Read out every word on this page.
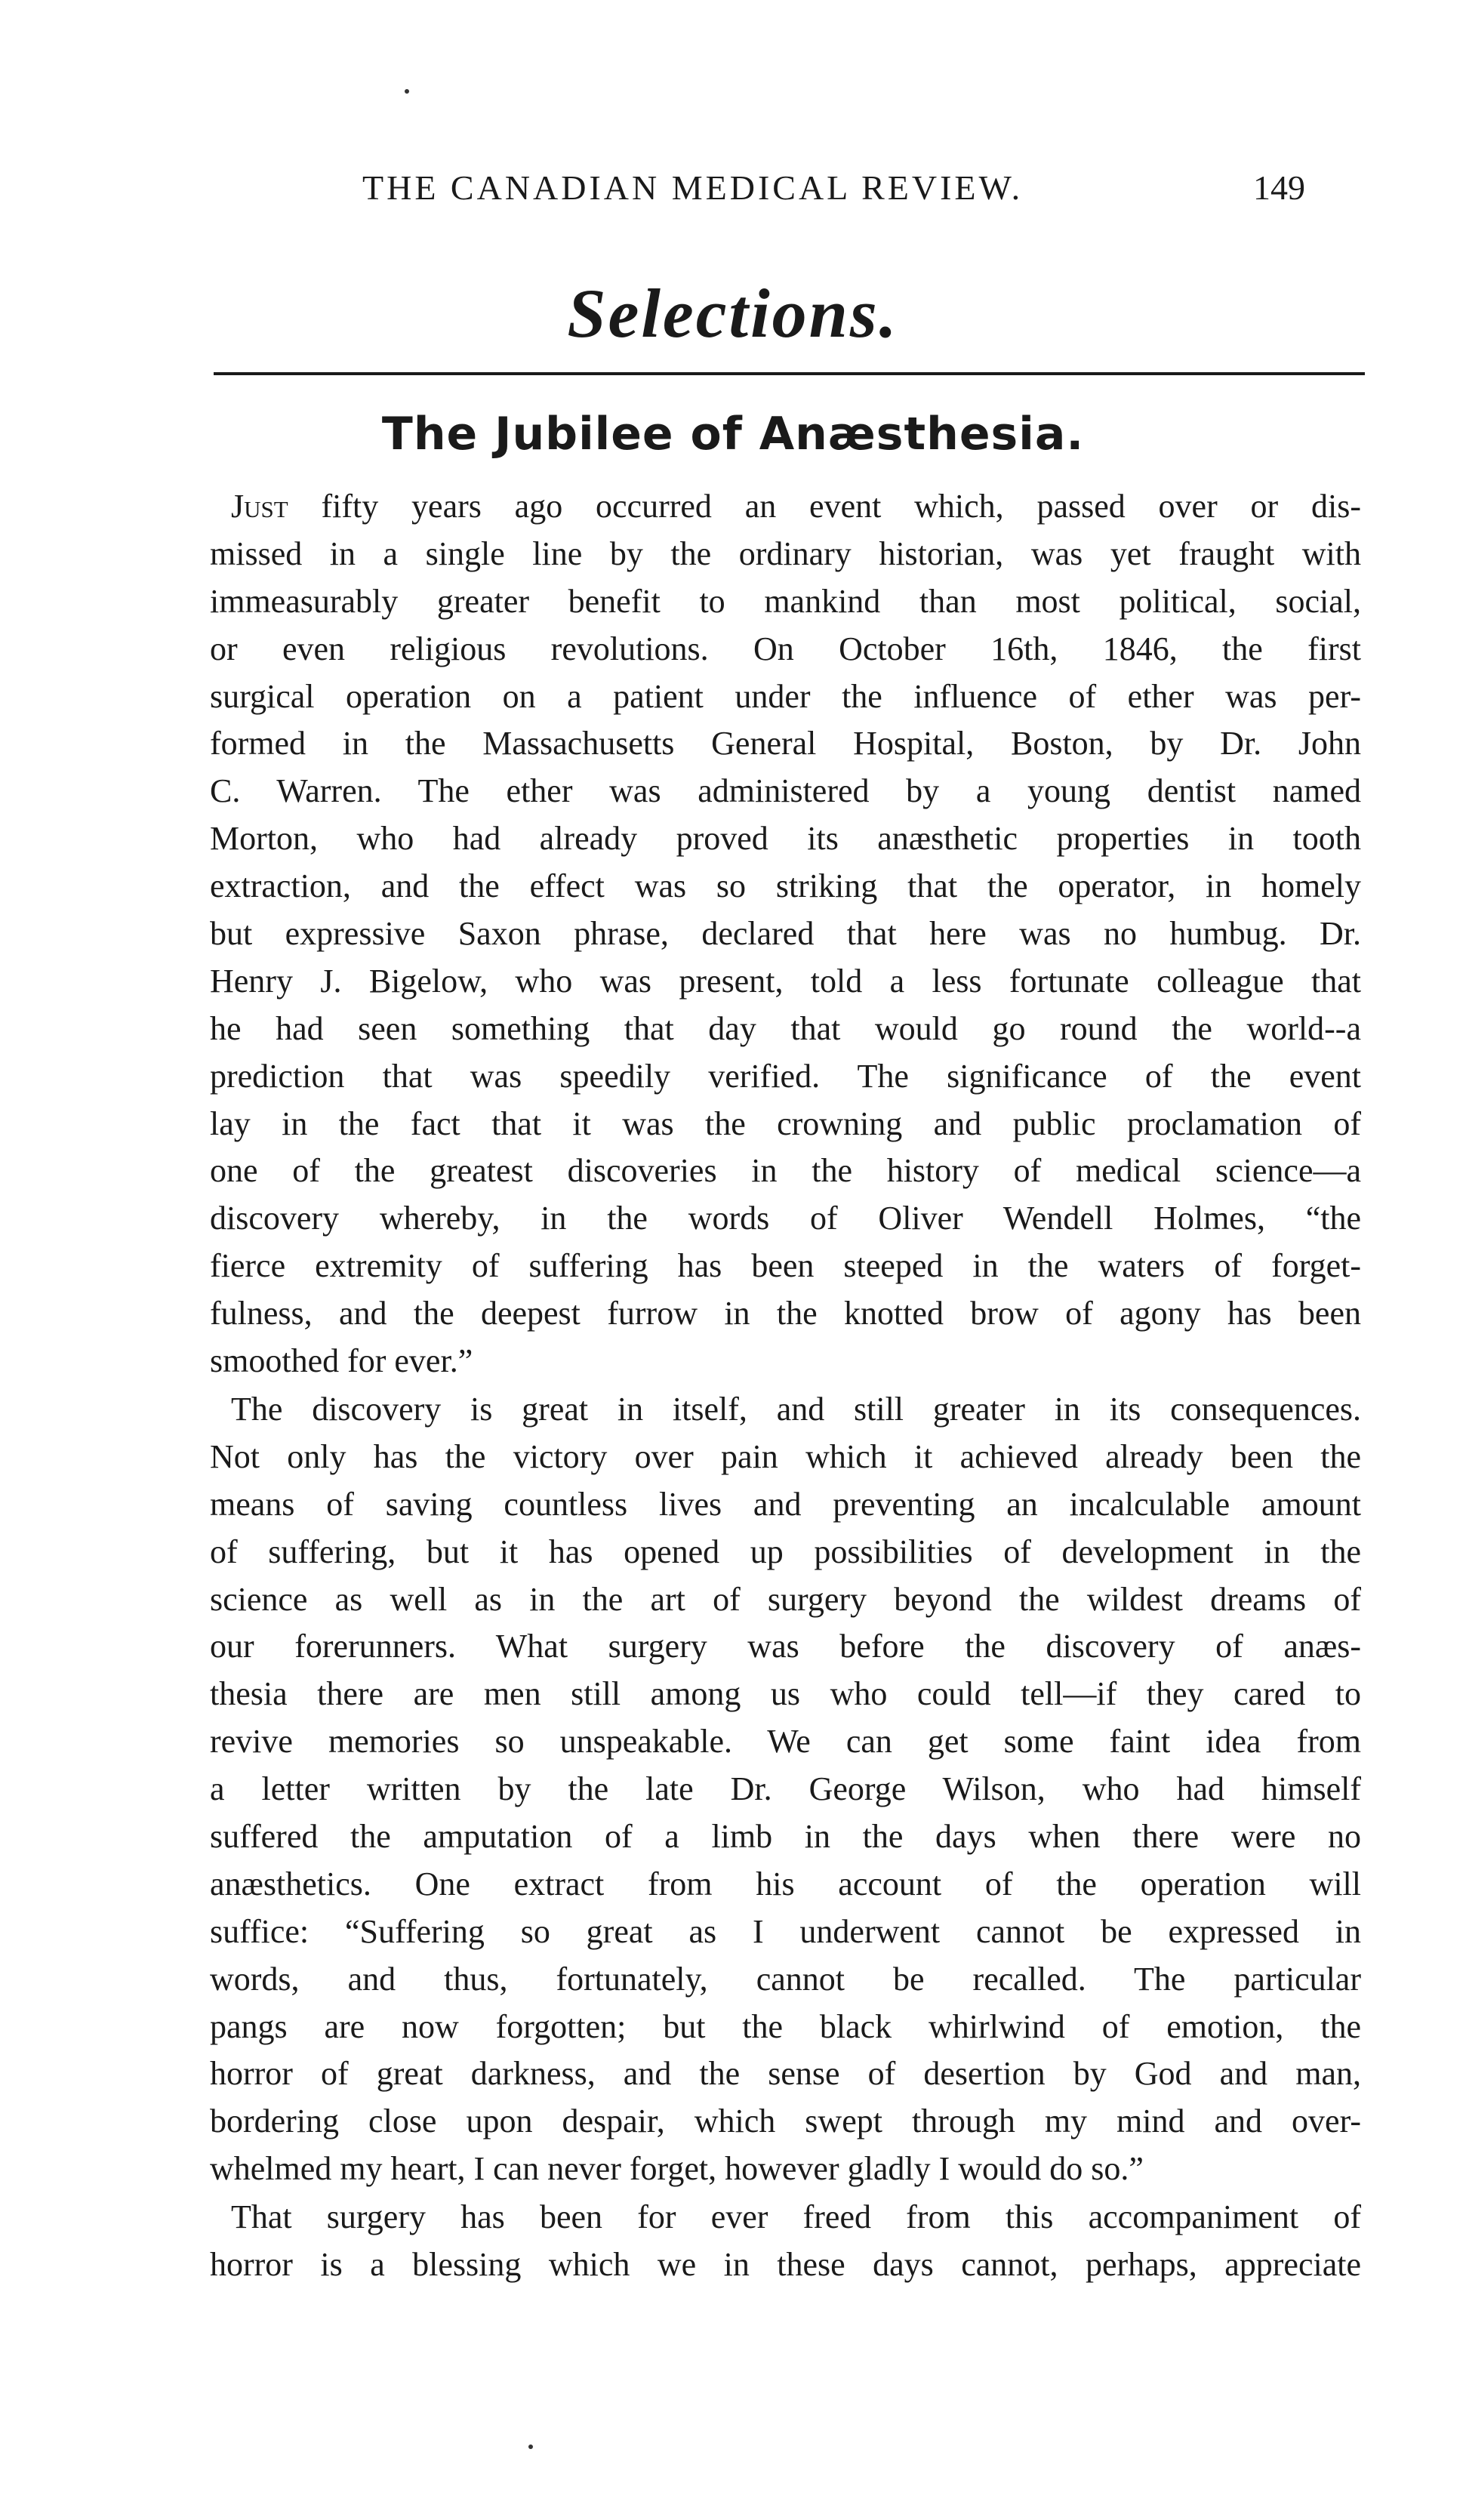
THE CANADIAN MEDICAL REVIEW.	149
Selections.
The Jubilee of Anæsthesia.
Just fifty years ago occurred an event which, passed over or dis-
missed in a single line by the ordinary historian, was yet fraught with
immeasurably greater benefit to mankind than most political, social,
or even religious revolutions. On October 16th, 1846, the first
surgical operation on a patient under the influence of ether was per-
formed in the Massachusetts General Hospital, Boston, by Dr. John
C. Warren. The ether was administered by a young dentist named
Morton, who had already proved its anæsthetic properties in tooth
extraction, and the effect was so striking that the operator, in homely
but expressive Saxon phrase, declared that here was no humbug. Dr.
Henry J. Bigelow, who was present, told a less fortunate colleague that
he had seen something that day that would go round the world--a
prediction that was speedily verified. The significance of the event
lay in the fact that it was the crowning and public proclamation of
one of the greatest discoveries in the history of medical science—a
discovery whereby, in the words of Oliver Wendell Holmes, “the
fierce extremity of suffering has been steeped in the waters of forget-
fulness, and the deepest furrow in the knotted brow of agony has been
smoothed for ever.”
The discovery is great in itself, and still greater in its consequences.
Not only has the victory over pain which it achieved already been the
means of saving countless lives and preventing an incalculable amount
of suffering, but it has opened up possibilities of development in the
science as well as in the art of surgery beyond the wildest dreams of
our forerunners. What surgery was before the discovery of anæs-
thesia there are men still among us who could tell—if they cared to
revive memories so unspeakable. We can get some faint idea from
a letter written by the late Dr. George Wilson, who had himself
suffered the amputation of a limb in the days when there were no
anæsthetics. One extract from his account of the operation will
suffice: “Suffering so great as I underwent cannot be expressed in
words, and thus, fortunately, cannot be recalled. The particular
pangs are now forgotten; but the black whirlwind of emotion, the
horror of great darkness, and the sense of desertion by God and man,
bordering close upon despair, which swept through my mind and over-
whelmed my heart, I can never forget, however gladly I would do so.”
That surgery has been for ever freed from this accompaniment of
horror is a blessing which we in these days cannot, perhaps, appreciate
